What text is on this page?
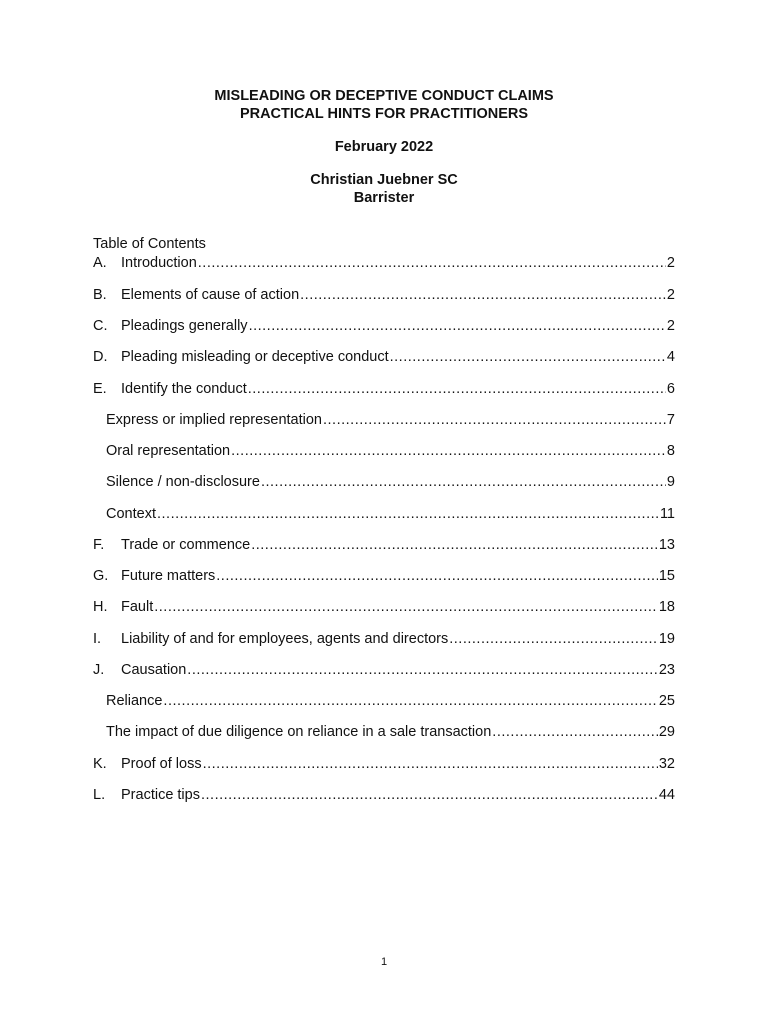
MISLEADING OR DECEPTIVE CONDUCT CLAIMS
PRACTICAL HINTS FOR PRACTITIONERS
February 2022
Christian Juebner SC
Barrister
Table of Contents
A. Introduction .....	2
B. Elements of cause of action .....	2
C. Pleadings generally .....	2
D. Pleading misleading or deceptive conduct .....	4
E. Identify the conduct .....	6
Express or implied representation .....	7
Oral representation .....	8
Silence / non-disclosure .....	9
Context .....	11
F.	Trade or commence .....	13
G. Future matters .....	15
H. Fault .....	18
I.	Liability of and for employees, agents and directors .....	19
J.	Causation .....	23
Reliance .....	25
The impact of due diligence on reliance in a sale transaction .....	29
K. Proof of loss .....	32
L.	Practice tips .....	44
1
